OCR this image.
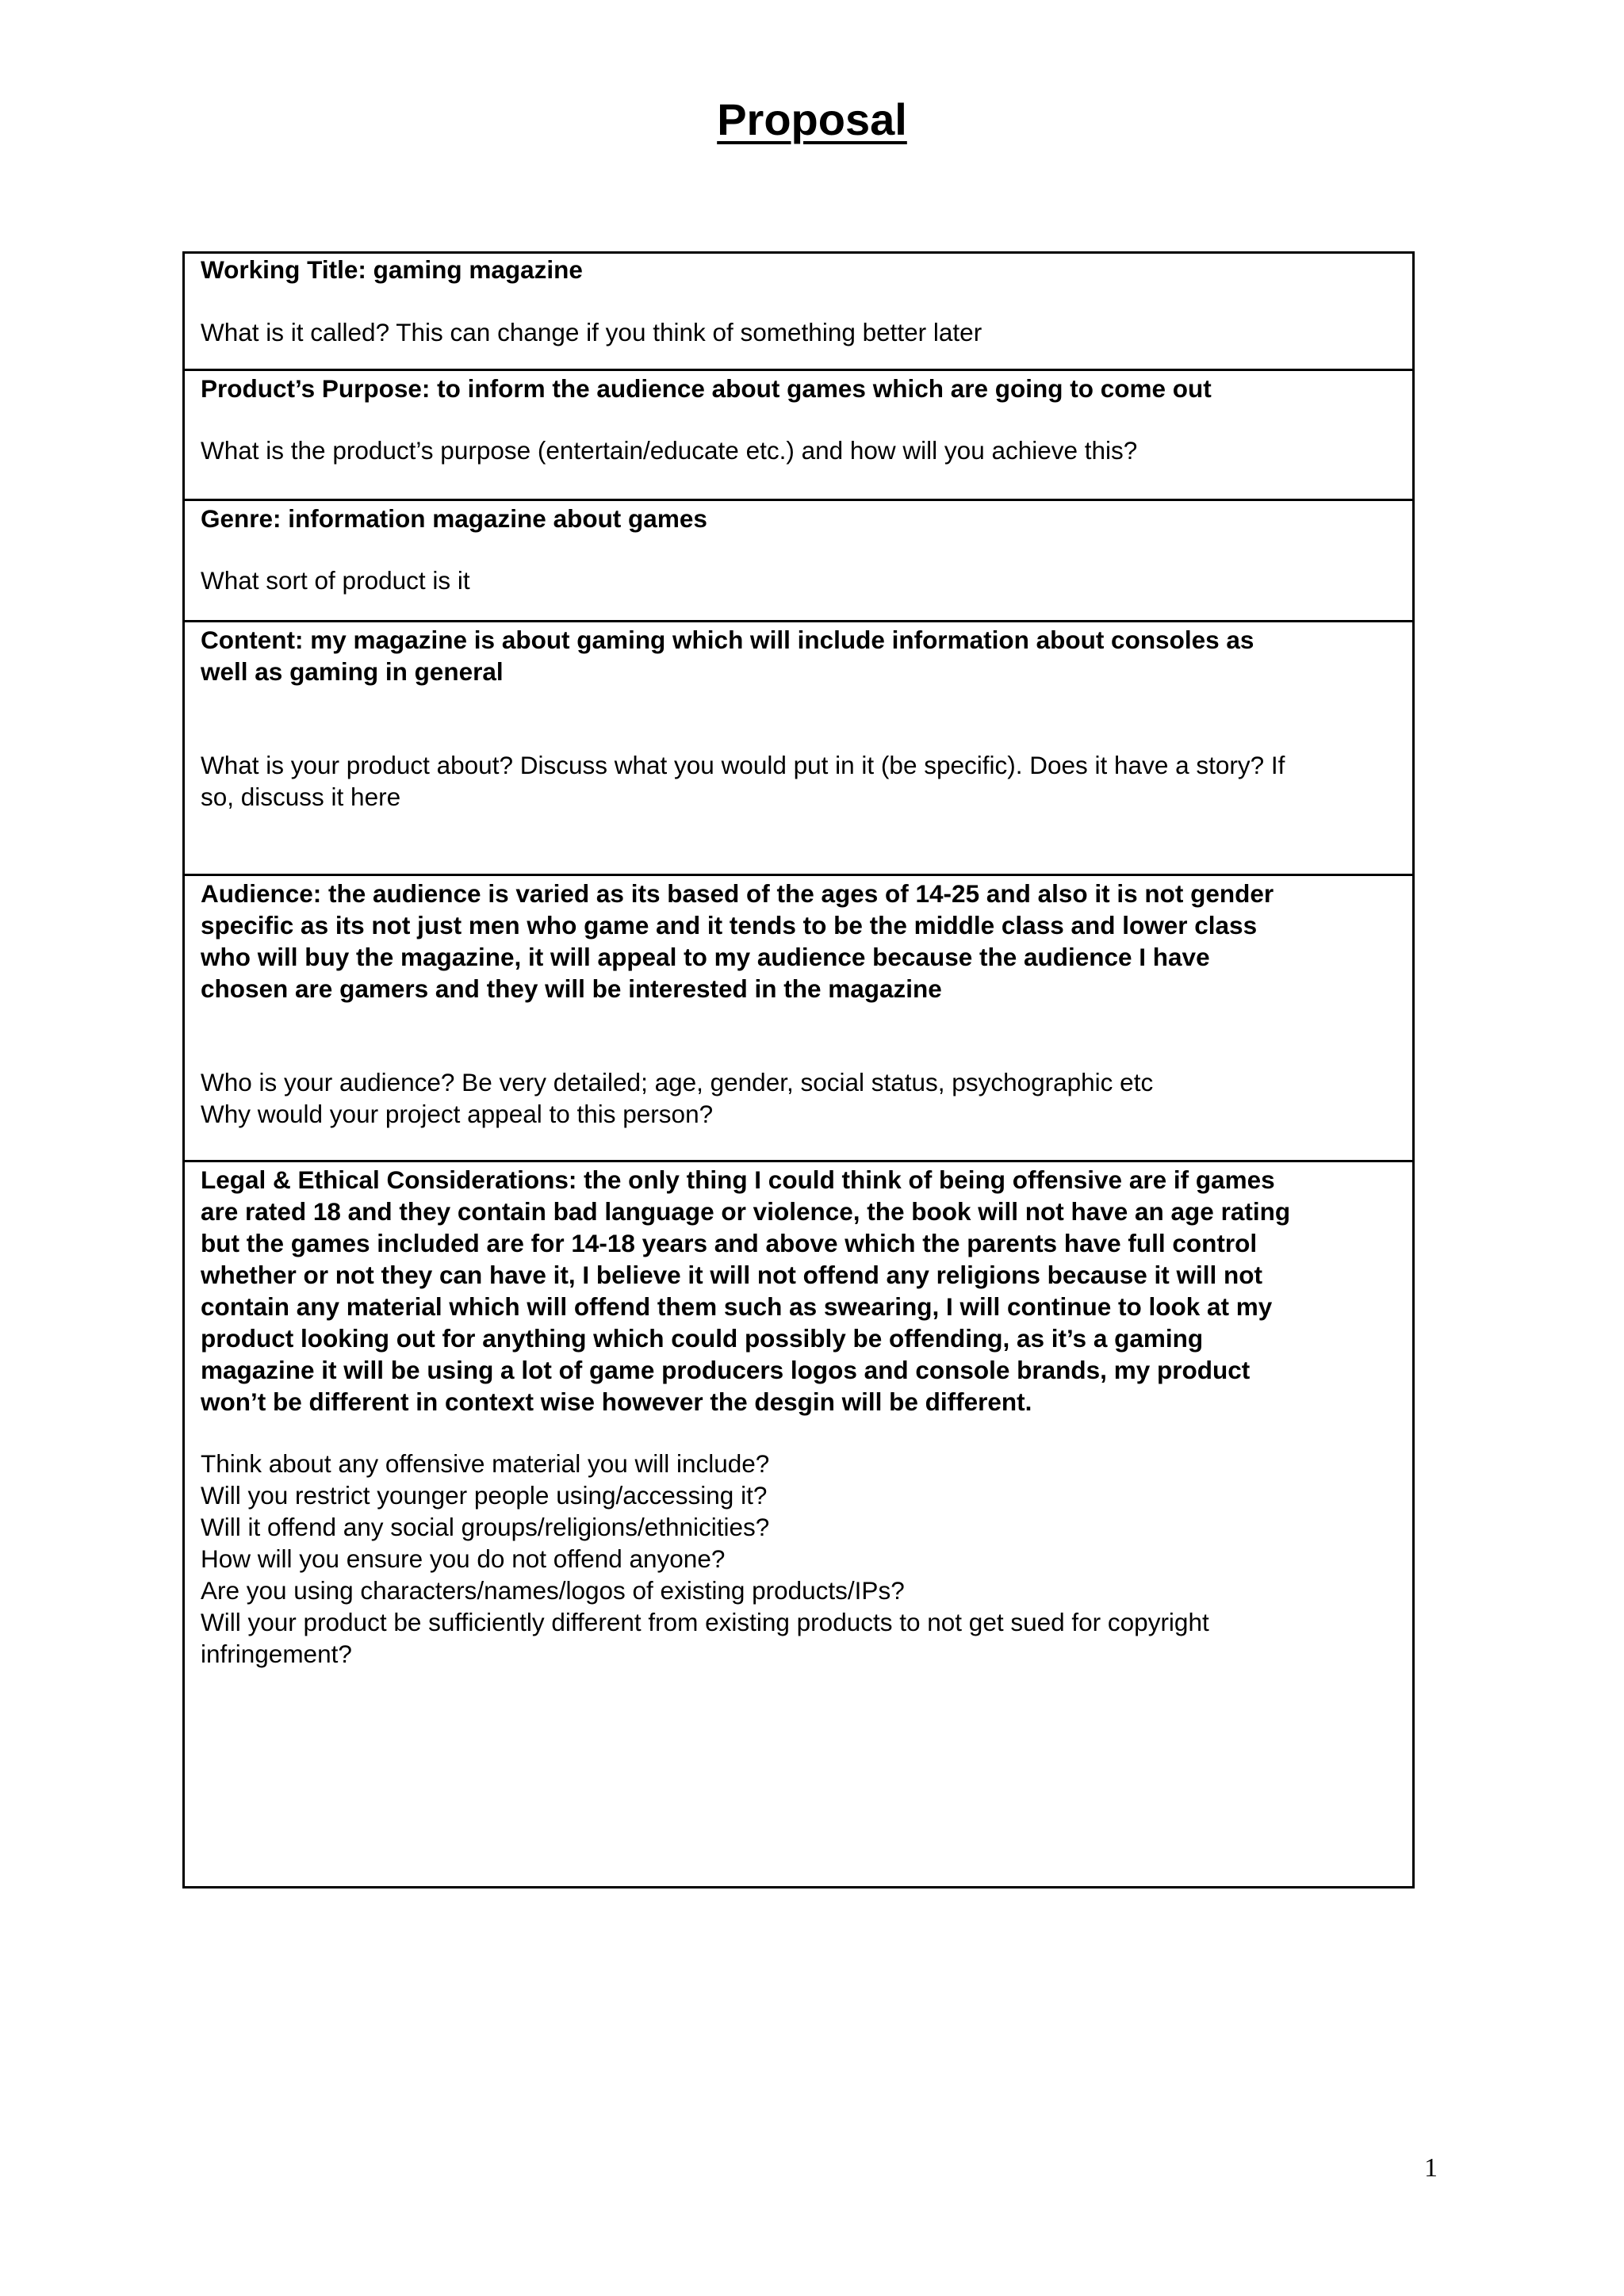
Proposal

Working Title: gaming magazine

What is it called? This can change if you think of something better later

Product’s Purpose: to inform the audience about games which are going to come out

What is the product’s purpose (entertain/educate etc.) and how will you achieve this?

Genre: information magazine about games

What sort of product is it

Content: my magazine is about gaming which will include information about consoles as
well as gaming in general

What is your product about? Discuss what you would put in it (be specific). Does it have a story? If
so, discuss it here

Audience: the audience is varied as its based of the ages of 14-25 and also it is not gender
specific as its not just men who game and it tends to be the middle class and lower class
who will buy the magazine, it will appeal to my audience because the audience I have
chosen are gamers and they will be interested in the magazine

Who is your audience? Be very detailed; age, gender, social status, psychographic etc
Why would your project appeal to this person?

Legal & Ethical Considerations: the only thing I could think of being offensive are if games
are rated 18 and they contain bad language or violence, the book will not have an age rating
but the games included are for 14-18 years and above which the parents have full control
whether or not they can have it, I believe it will not offend any religions because it will not
contain any material which will offend them such as swearing, I will continue to look at my
product looking out for anything which could possibly be offending, as it’s a gaming
magazine it will be using a lot of game producers logos and console brands, my product
won’t be different in context wise however the desgin will be different.

Think about any offensive material you will include?
Will you restrict younger people using/accessing it?
Will it offend any social groups/religions/ethnicities?
How will you ensure you do not offend anyone?
Are you using characters/names/logos of existing products/IPs?
Will your product be sufficiently different from existing products to not get sued for copyright
infringement?

1
